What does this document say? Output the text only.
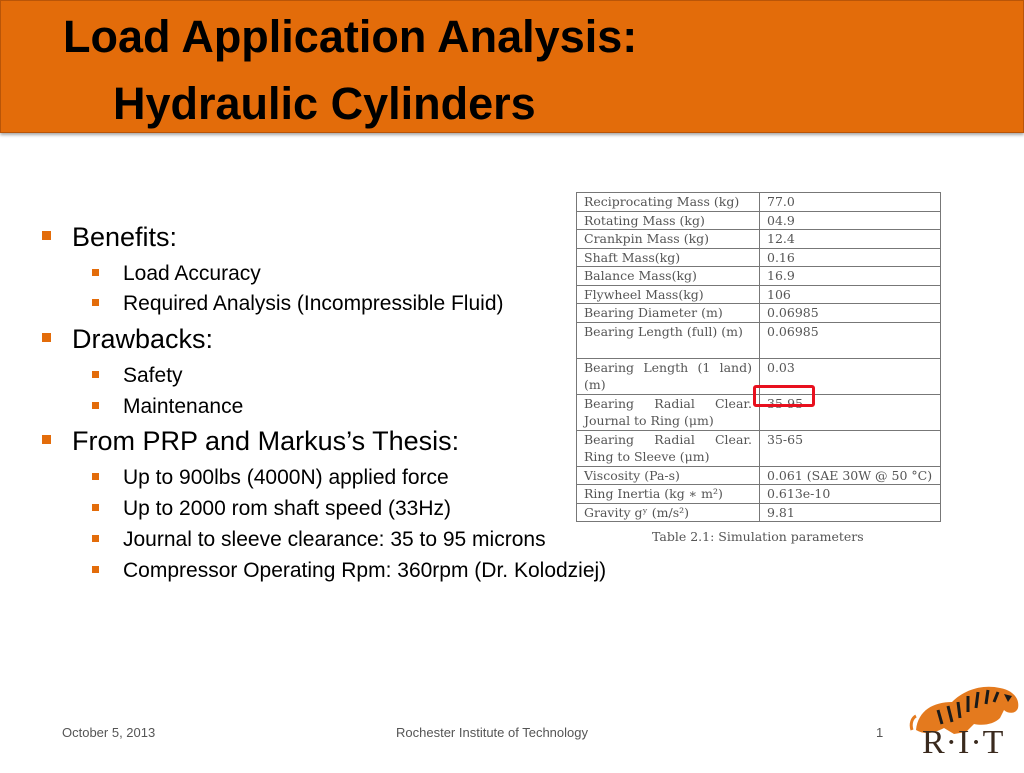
Load Application Analysis:
Hydraulic Cylinders
Benefits:
Load Accuracy
Required Analysis (Incompressible Fluid)
Drawbacks:
Safety
Maintenance
From PRP and Markus’s Thesis:
Up to 900lbs (4000N) applied force
Up to 2000 rom shaft speed (33Hz)
Journal to sleeve clearance: 35 to 95 microns
Compressor Operating Rpm: 360rpm (Dr. Kolodziej)
Reciprocating Mass (kg)	77.0
Rotating Mass (kg)	04.9
Crankpin Mass (kg)	12.4
Shaft Mass(kg)	0.16
Balance Mass(kg)	16.9
Flywheel Mass(kg)	106
Bearing Diameter (m)	0.06985
Bearing Length (full) (m)	0.06985

Bearing Length (1 land)
(m)	0.03

Bearing Radial Clear.
Journal to Ring (μm)	35-95

Bearing Radial Clear.
Ring to Sleeve (μm)	35-65
Viscosity (Pa-s)	0.061 (SAE 30W @ 50 °C)
Ring Inertia (kg ∗ m²)	0.613e-10
Gravity gʸ (m/s²)	9.81
Table 2.1: Simulation parameters
October 5, 2013	Rochester Institute of Technology	1 R·I·T
